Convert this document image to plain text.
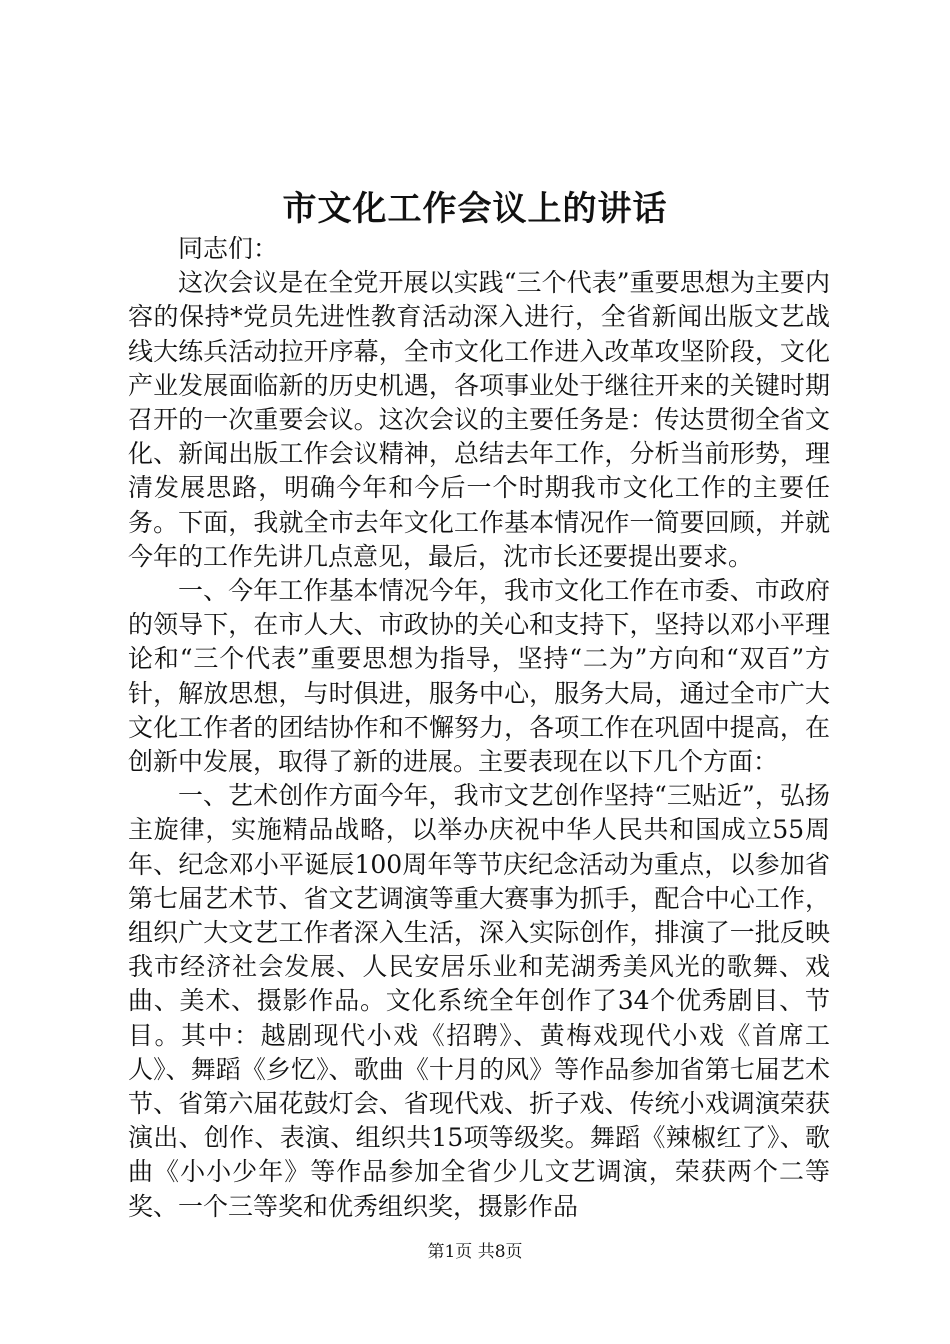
市文化工作会议上的讲话

同志们：

这次会议是在全党开展以实践“三个代表”重要思想为主要内容的保持*党员先进性教育活动深入进行，全省新闻出版文艺战线大练兵活动拉开序幕，全市文化工作进入改革攻坚阶段，文化产业发展面临新的历史机遇，各项事业处于继往开来的关键时期召开的一次重要会议。这次会议的主要任务是：传达贯彻全省文化、新闻出版工作会议精神，总结去年工作，分析当前形势，理清发展思路，明确今年和今后一个时期我市文化工作的主要任务。下面，我就全市去年文化工作基本情况作一简要回顾，并就今年的工作先讲几点意见，最后，沈市长还要提出要求。

一、今年工作基本情况今年，我市文化工作在市委、市政府的领导下，在市人大、市政协的关心和支持下，坚持以邓小平理论和“三个代表”重要思想为指导，坚持“二为”方向和“双百”方针，解放思想，与时俱进，服务中心，服务大局，通过全市广大文化工作者的团结协作和不懈努力，各项工作在巩固中提高，在创新中发展，取得了新的进展。主要表现在以下几个方面：

一、艺术创作方面今年，我市文艺创作坚持“三贴近”，弘扬主旋律，实施精品战略，以举办庆祝中华人民共和国成立55周年、纪念邓小平诞辰100周年等节庆纪念活动为重点，以参加省第七届艺术节、省文艺调演等重大赛事为抓手，配合中心工作，组织广大文艺工作者深入生活，深入实际创作，排演了一批反映我市经济社会发展、人民安居乐业和芜湖秀美风光的歌舞、戏曲、美术、摄影作品。文化系统全年创作了34个优秀剧目、节目。其中：越剧现代小戏《招聘》、黄梅戏现代小戏《首席工人》、舞蹈《乡忆》、歌曲《十月的风》等作品参加省第七届艺术节、省第六届花鼓灯会、省现代戏、折子戏、传统小戏调演荣获演出、创作、表演、组织共15项等级奖。舞蹈《辣椒红了》、歌曲《小小少年》等作品参加全省少儿文艺调演，荣获两个二等奖、一个三等奖和优秀组织奖，摄影作品

第1页 共8页
